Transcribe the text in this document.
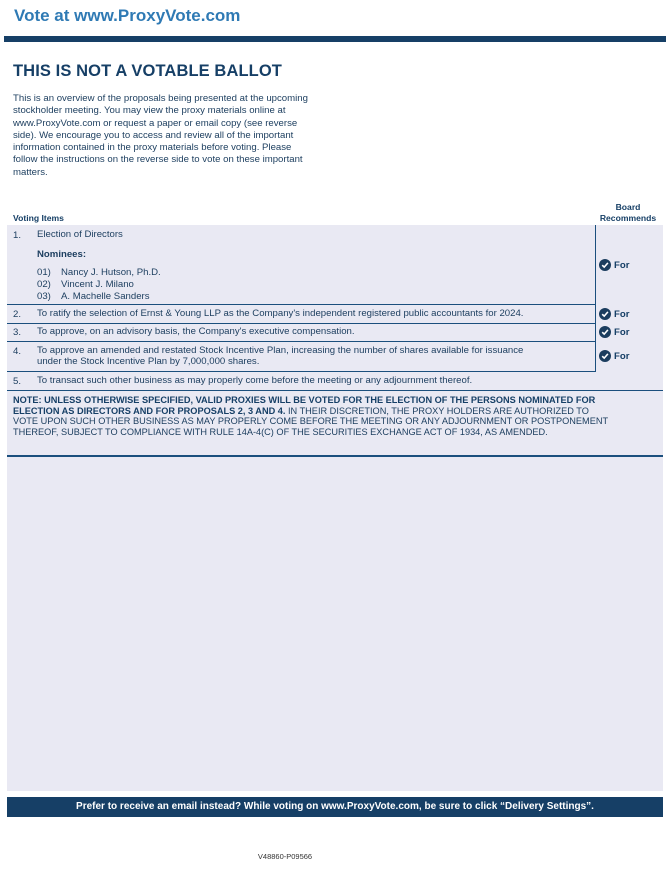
Vote at www.ProxyVote.com
THIS IS NOT A VOTABLE BALLOT
This is an overview of the proposals being presented at the upcoming stockholder meeting. You may view the proxy materials online at www.ProxyVote.com or request a paper or email copy (see reverse side). We encourage you to access and review all of the important information contained in the proxy materials before voting. Please follow the instructions on the reverse side to vote on these important matters.
Voting Items
Board
Recommends
1. Election of Directors
Nominees:
01) Nancy J. Hutson, Ph.D.
02) Vincent J. Milano
03) A. Machelle Sanders
For
2. To ratify the selection of Ernst & Young LLP as the Company's independent registered public accountants for 2024.	For
3. To approve, on an advisory basis, the Company's executive compensation.	For
4. To approve an amended and restated Stock Incentive Plan, increasing the number of shares available for issuance
under the Stock Incentive Plan by 7,000,000 shares.	For
5. To transact such other business as may properly come before the meeting or any adjournment thereof.
NOTE: UNLESS OTHERWISE SPECIFIED, VALID PROXIES WILL BE VOTED FOR THE ELECTION OF THE PERSONS NOMINATED FOR ELECTION AS DIRECTORS AND FOR PROPOSALS 2, 3 AND 4. IN THEIR DISCRETION, THE PROXY HOLDERS ARE AUTHORIZED TO VOTE UPON SUCH OTHER BUSINESS AS MAY PROPERLY COME BEFORE THE MEETING OR ANY ADJOURNMENT OR POSTPONEMENT THEREOF, SUBJECT TO COMPLIANCE WITH RULE 14A-4(C) OF THE SECURITIES EXCHANGE ACT OF 1934, AS AMENDED.
Prefer to receive an email instead? While voting on www.ProxyVote.com, be sure to click “Delivery Settings”.
V48860-P09566
